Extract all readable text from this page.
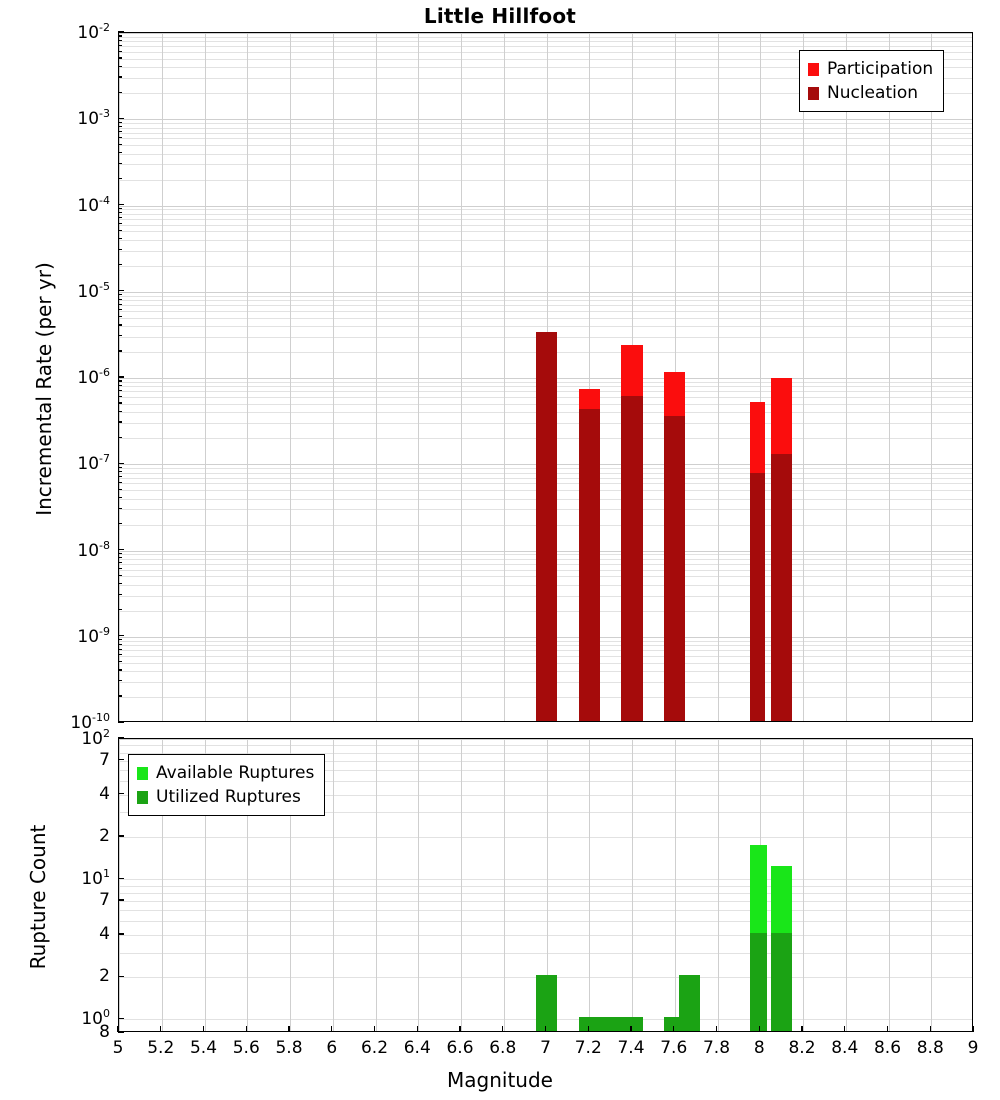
Little Hillfoot
Incremental Rate (per yr)
Rupture Count
Magnitude
$10^{-10}$
$10^{-9}$
$10^{-8}$
$10^{-7}$
$10^{-6}$
$10^{-5}$
$10^{-4}$
$10^{-3}$
$10^{-2}$
$10^2$
7
4
2
$10^1$
7
4
2
$10^0$
8
5 5.2 5.4 5.6 5.8 6 6.2 6.4 6.6 6.8 7 7.2 7.4 7.6 7.8 8 8.2 8.4 8.6 8.8 9
Participation
Nucleation
Available Ruptures
Utilized Ruptures
